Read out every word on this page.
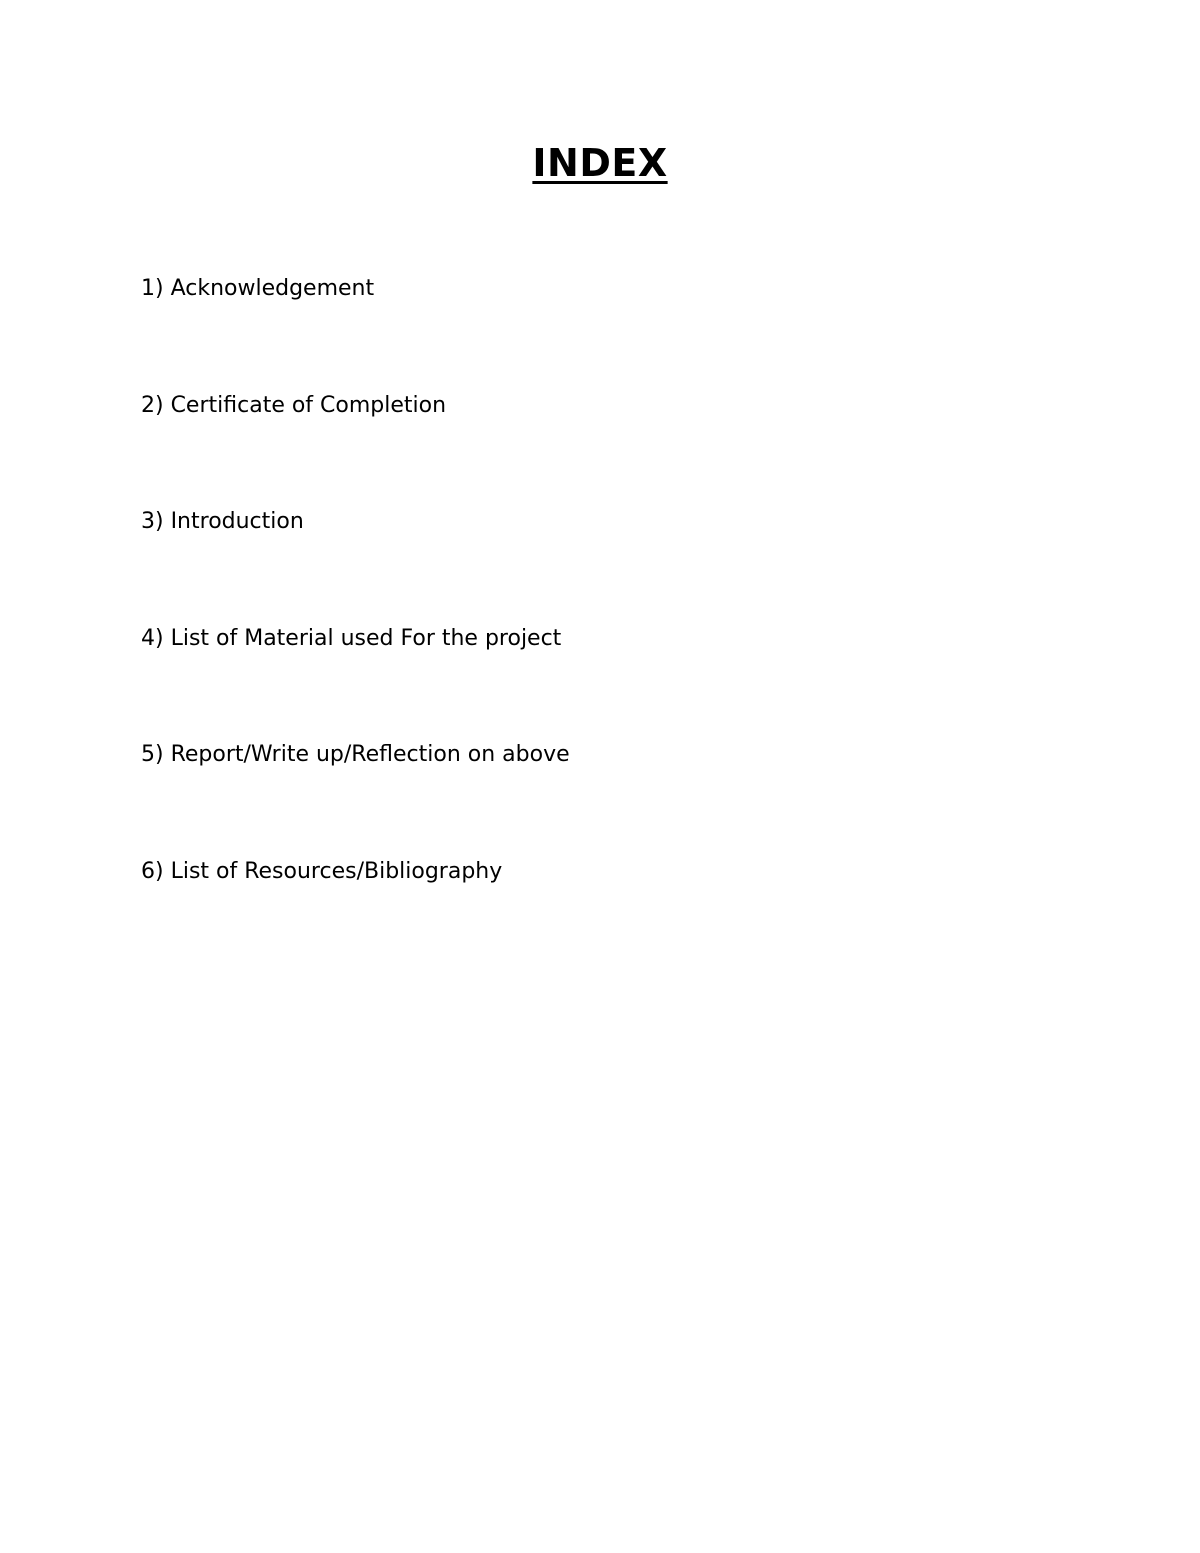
INDEX
1) Acknowledgement
2) Certificate of Completion
3) Introduction
4) List of Material used For the project
5) Report/Write up/Reflection on above
6) List of Resources/Bibliography
